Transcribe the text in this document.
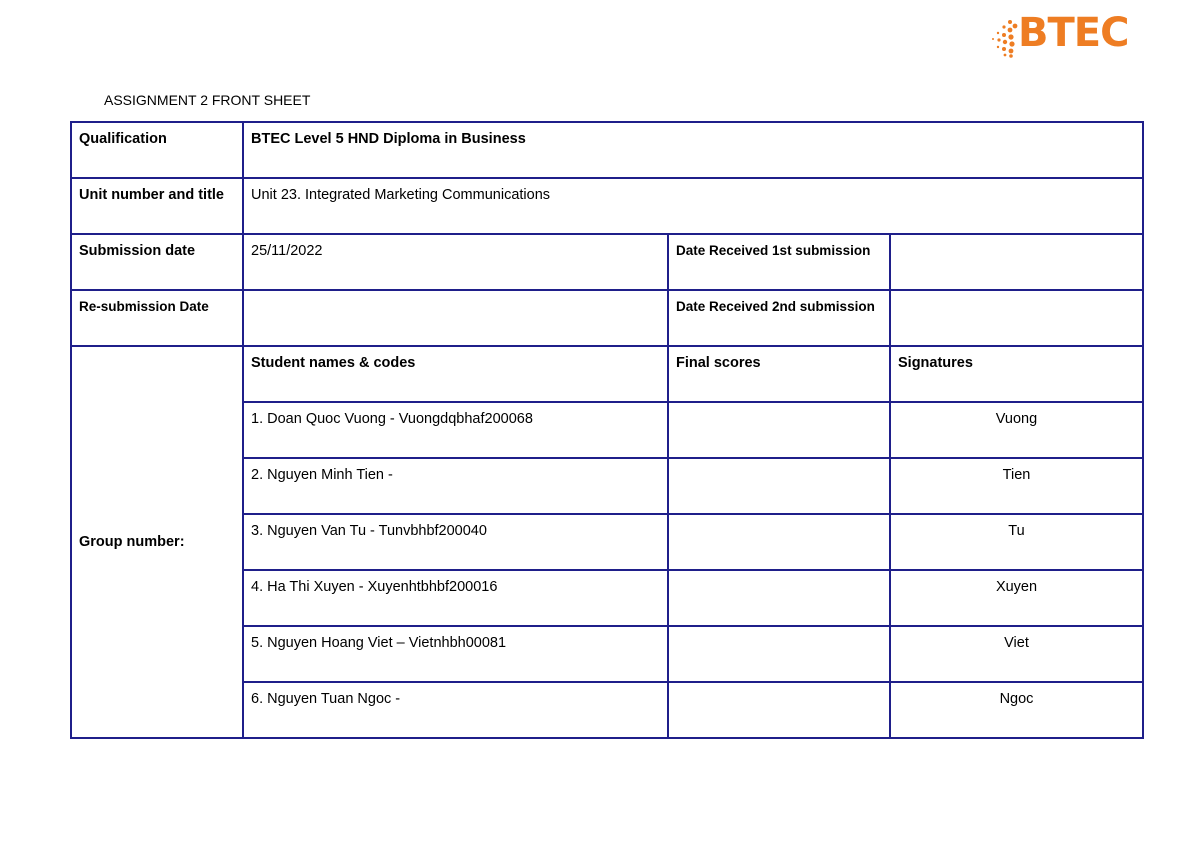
BTEC
ASSIGNMENT 2 FRONT SHEET
Qualification	BTEC Level 5 HND Diploma in Business		
Unit number and title	Unit 23. Integrated Marketing Communications		
Submission date	25/11/2022	Date Received 1st submission	
Re-submission Date		Date Received 2nd submission	
Group number:	Student names & codes	Final scores	Signatures
	1. Doan Quoc Vuong - Vuongdqbhaf200068		Vuong
	2. Nguyen Minh Tien -		Tien
	3. Nguyen Van Tu - Tunvbhbf200040		Tu
	4. Ha Thi Xuyen - Xuyenhtbhbf200016		Xuyen
	5. Nguyen Hoang Viet – Vietnhbh00081		Viet
	6. Nguyen Tuan Ngoc -		Ngoc
